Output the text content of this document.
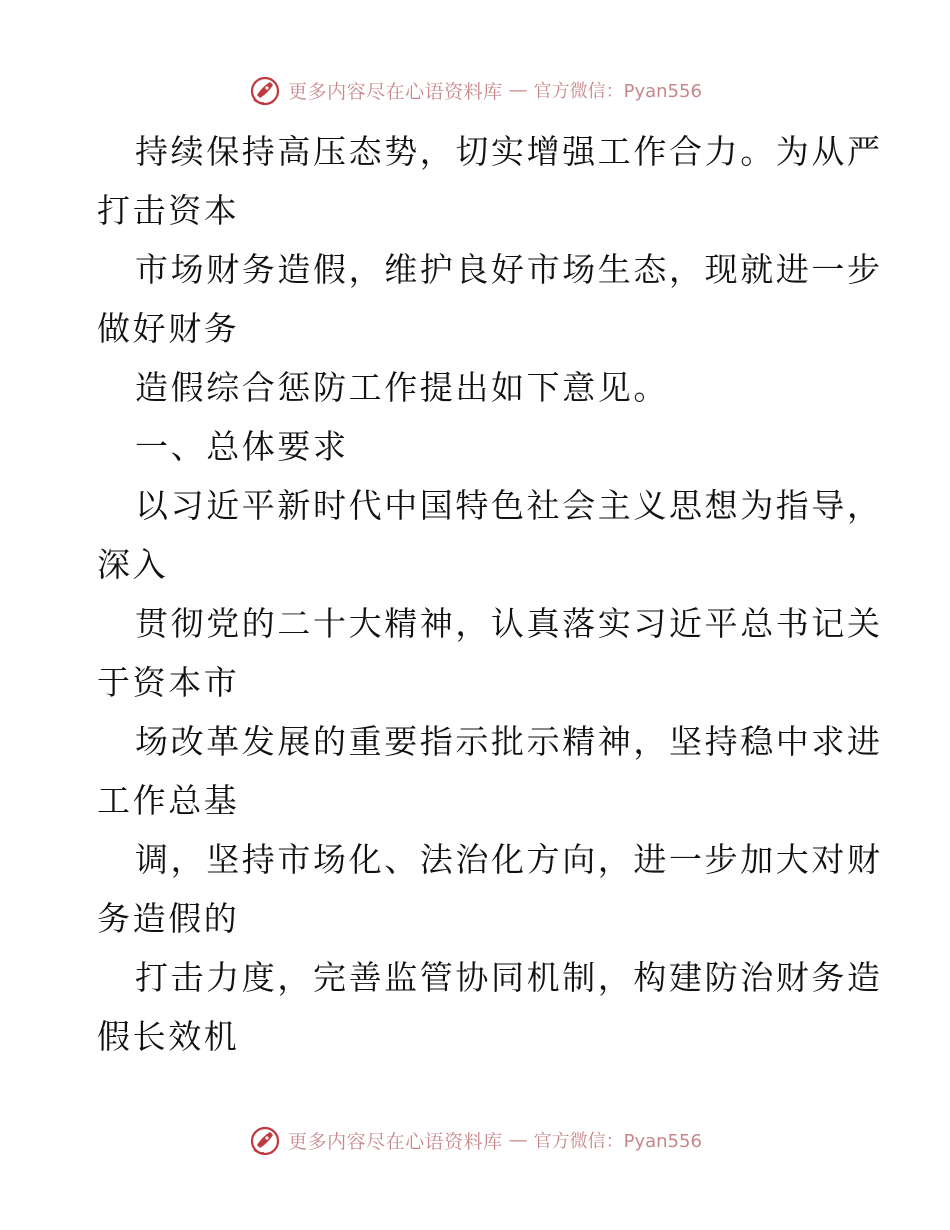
更多内容尽在心语资料库 — 官方微信：Pyan556
持续保持高压态势，切实增强工作合力。为从严
打击资本
市场财务造假，维护良好市场生态，现就进一步
做好财务
造假综合惩防工作提出如下意见。
一、总体要求
以习近平新时代中国特色社会主义思想为指导，
深入
贯彻党的二十大精神，认真落实习近平总书记关
于资本市
场改革发展的重要指示批示精神，坚持稳中求进
工作总基
调，坚持市场化、法治化方向，进一步加大对财
务造假的
打击力度，完善监管协同机制，构建防治财务造
假长效机
更多内容尽在心语资料库 — 官方微信：Pyan556
